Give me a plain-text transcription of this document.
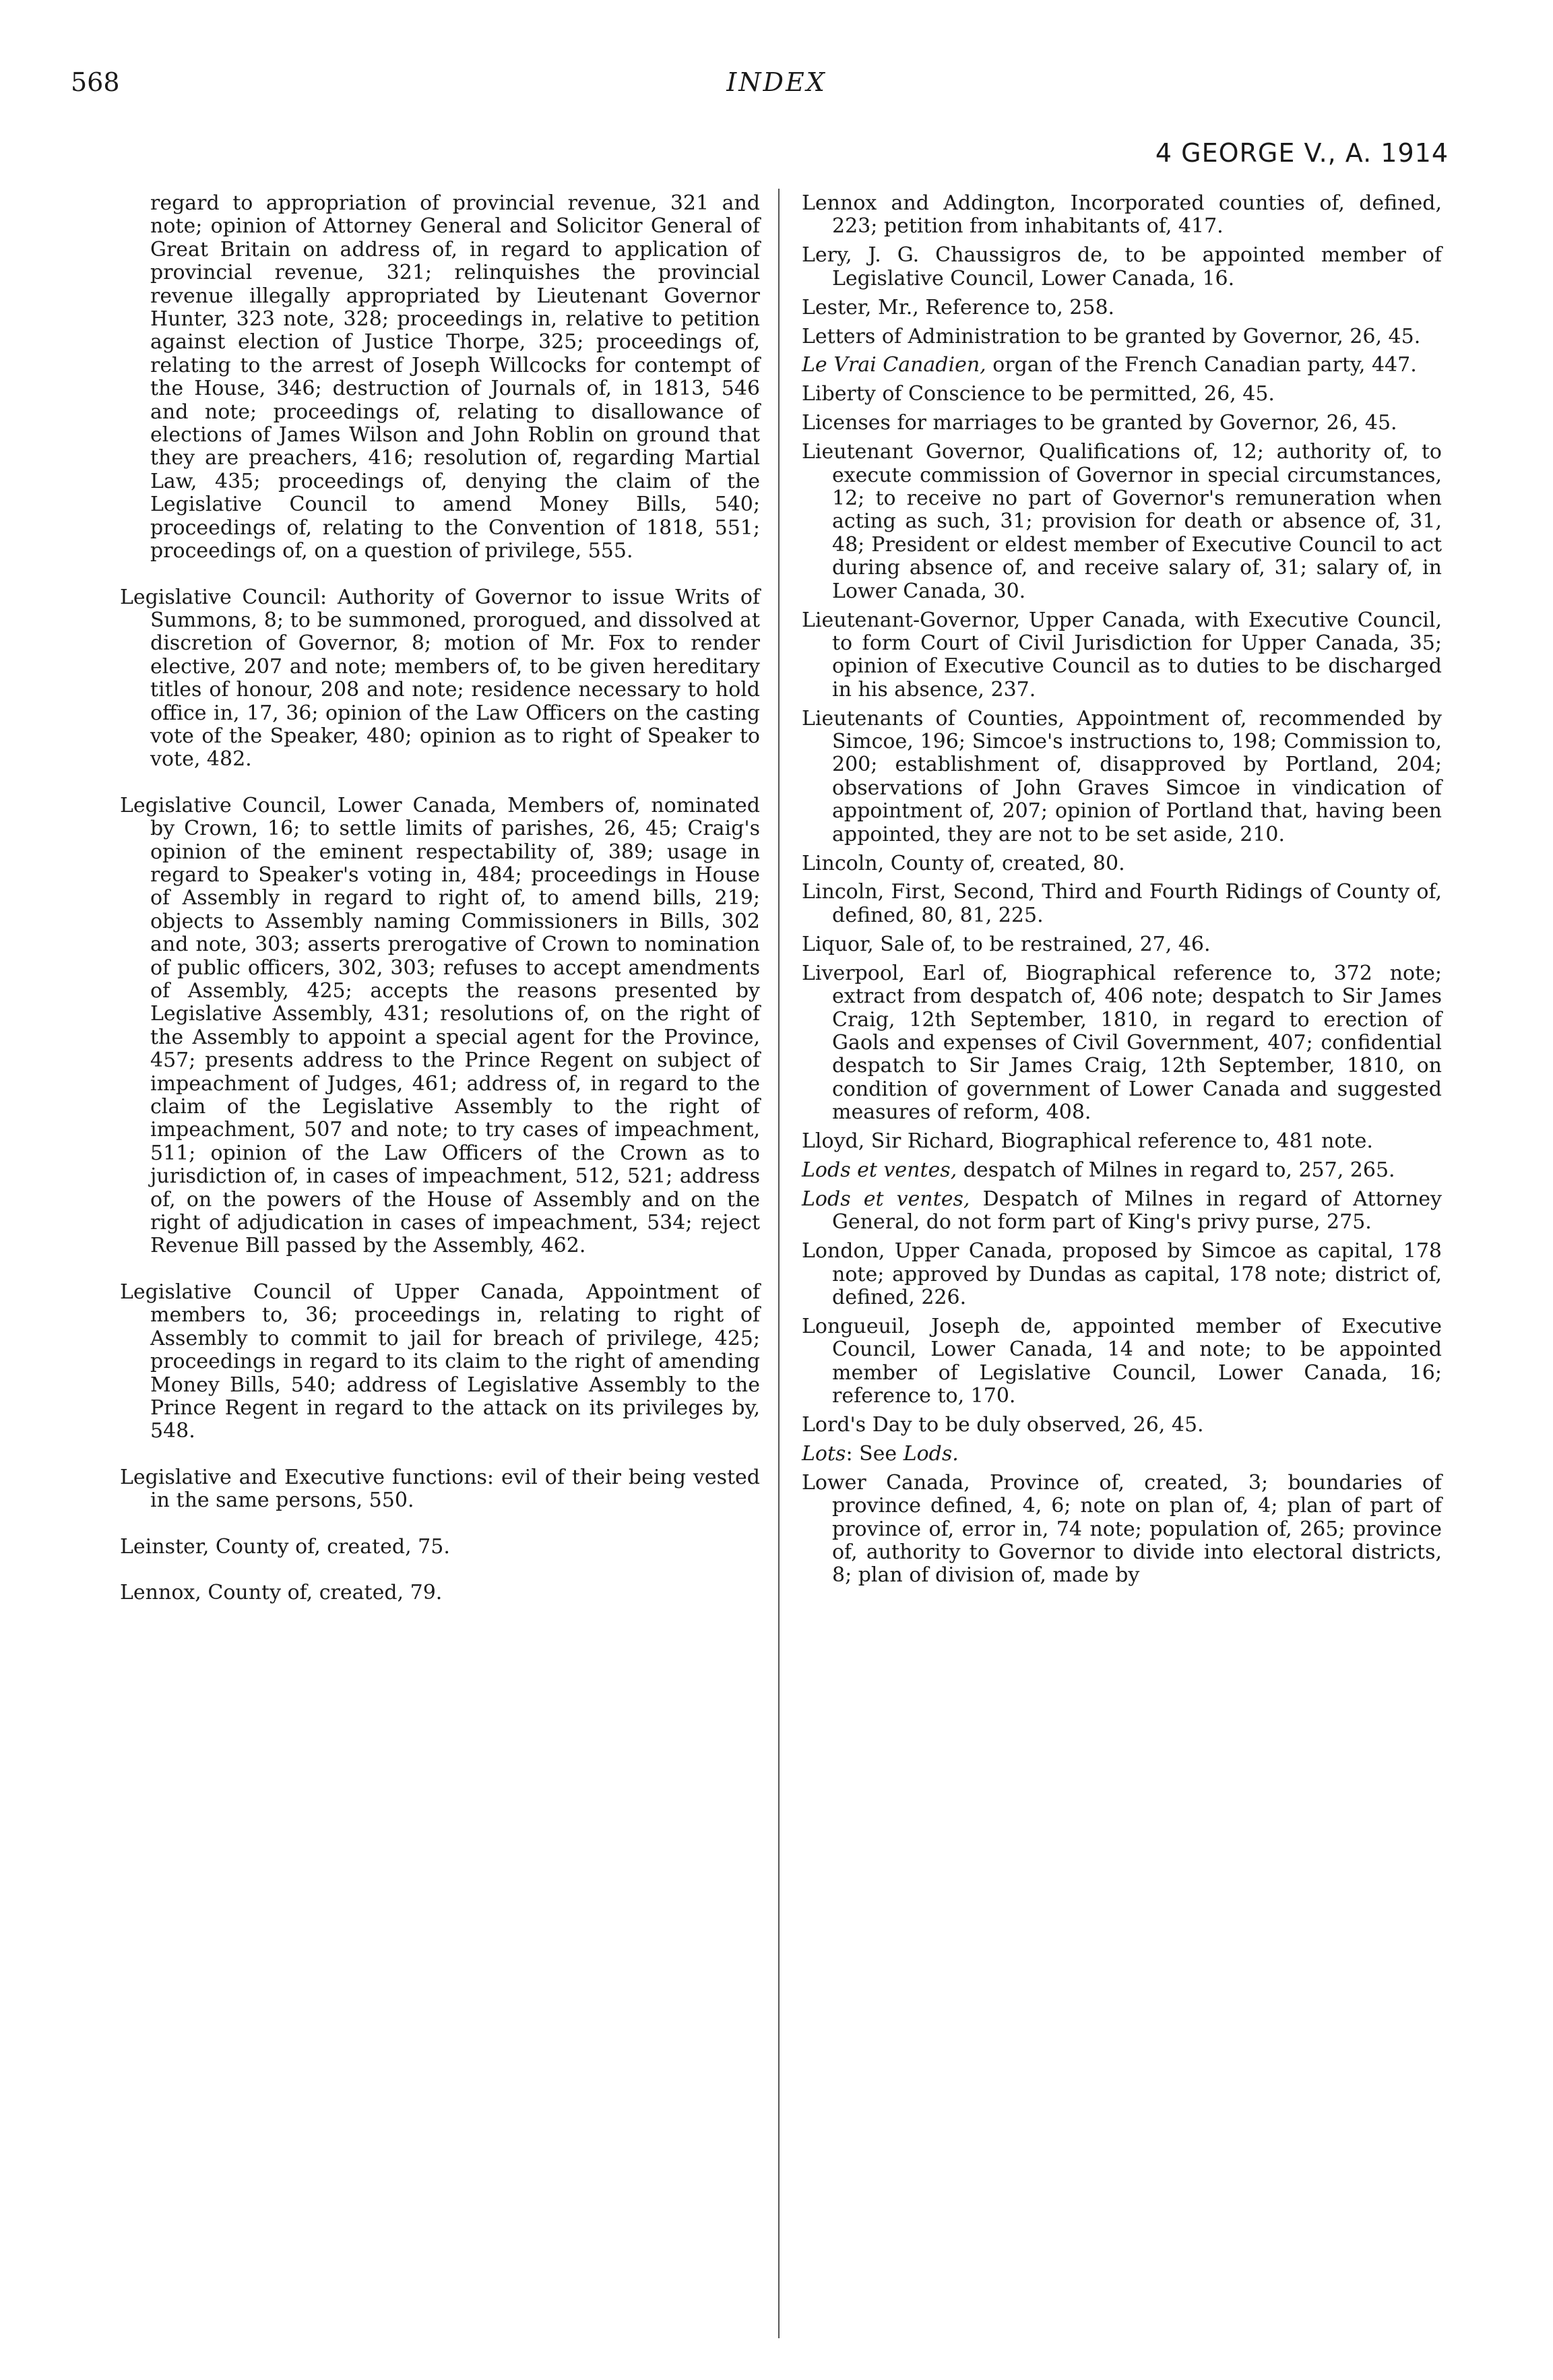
568	INDEX
4 GEORGE V., A. 1914

regard to appropriation of provincial revenue, 321 and note; opinion of Attorney General and Solicitor General of Great Britain on address of, in regard to application of provincial revenue, 321; relinquishes the provincial revenue illegally appropriated by Lieutenant Governor Hunter, 323 note, 328; proceedings in, relative to petition against election of Justice Thorpe, 325; proceedings of, relating to the arrest of Joseph Willcocks for contempt of the House, 346; destruction of Journals of, in 1813, 546 and note; proceedings of, relating to disallowance of elections of James Wilson and John Roblin on ground that they are preachers, 416; resolution of, regarding Martial Law, 435; proceedings of, denying the claim of the Legislative Council to amend Money Bills, 540; proceedings of, relating to the Convention of 1818, 551; proceedings of, on a question of privilege, 555.

Legislative Council: Authority of Governor to issue Writs of Summons, 8; to be summoned, prorogued, and dissolved at discretion of Governor, 8; motion of Mr. Fox to render elective, 207 and note; members of, to be given hereditary titles of honour, 208 and note; residence necessary to hold office in, 17, 36; opinion of the Law Officers on the casting vote of the Speaker, 480; opinion as to right of Speaker to vote, 482.

Legislative Council, Lower Canada, Members of, nominated by Crown, 16; to settle limits of parishes, 26, 45; Craig's opinion of the eminent respectability of, 389; usage in regard to Speaker's voting in, 484; proceedings in House of Assembly in regard to right of, to amend bills, 219; objects to Assembly naming Commissioners in Bills, 302 and note, 303; asserts prerogative of Crown to nomination of public officers, 302, 303; refuses to accept amendments of Assembly, 425; accepts the reasons presented by Legislative Assembly, 431; resolutions of, on the right of the Assembly to appoint a special agent for the Province, 457; presents address to the Prince Regent on subject of impeachment of Judges, 461; address of, in regard to the claim of the Legislative Assembly to the right of impeachment, 507 and note; to try cases of impeachment, 511; opinion of the Law Officers of the Crown as to jurisdiction of, in cases of impeachment, 512, 521; address of, on the powers of the House of Assembly and on the right of adjudication in cases of impeachment, 534; reject Revenue Bill passed by the Assembly, 462.

Legislative Council of Upper Canada, Appointment of members to, 36; proceedings in, relating to right of Assembly to commit to jail for breach of privilege, 425; proceedings in regard to its claim to the right of amending Money Bills, 540; address of Legislative Assembly to the Prince Regent in regard to the attack on its privileges by, 548.

Legislative and Executive functions: evil of their being vested in the same persons, 550.

Leinster, County of, created, 75.

Lennox, County of, created, 79.

Lennox and Addington, Incorporated counties of, defined, 223; petition from inhabitants of, 417.

Lery, J. G. Chaussigros de, to be appointed member of Legislative Council, Lower Canada, 16.

Lester, Mr., Reference to, 258.

Letters of Administration to be granted by Governor, 26, 45.

Le Vrai Canadien, organ of the French Canadian party, 447.

Liberty of Conscience to be permitted, 26, 45.

Licenses for marriages to be granted by Governor, 26, 45.

Lieutenant Governor, Qualifications of, 12; authority of, to execute commission of Governor in special circumstances, 12; to receive no part of Governor's remuneration when acting as such, 31; provision for death or absence of, 31, 48; President or eldest member of Executive Council to act during absence of, and receive salary of, 31; salary of, in Lower Canada, 30.

Lieutenant-Governor, Upper Canada, with Executive Council, to form Court of Civil Jurisdiction for Upper Canada, 35; opinion of Executive Council as to duties to be discharged in his absence, 237.

Lieutenants of Counties, Appointment of, recommended by Simcoe, 196; Simcoe's instructions to, 198; Commission to, 200; establishment of, disapproved by Portland, 204; observations of John Graves Simcoe in vindication of appointment of, 207; opinion of Portland that, having been appointed, they are not to be set aside, 210.

Lincoln, County of, created, 80.

Lincoln, First, Second, Third and Fourth Ridings of County of, defined, 80, 81, 225.

Liquor, Sale of, to be restrained, 27, 46.

Liverpool, Earl of, Biographical reference to, 372 note; extract from despatch of, 406 note; despatch to Sir James Craig, 12th September, 1810, in regard to erection of Gaols and expenses of Civil Government, 407; confidential despatch to Sir James Craig, 12th September, 1810, on condition of government of Lower Canada and suggested measures of reform, 408.

Lloyd, Sir Richard, Biographical reference to, 481 note.

Lods et ventes, despatch of Milnes in regard to, 257, 265.

Lods et ventes, Despatch of Milnes in regard of Attorney General, do not form part of King's privy purse, 275.

London, Upper Canada, proposed by Simcoe as capital, 178 note; approved by Dundas as capital, 178 note; district of, defined, 226.

Longueuil, Joseph de, appointed member of Executive Council, Lower Canada, 14 and note; to be appointed member of Legislative Council, Lower Canada, 16; reference to, 170.

Lord's Day to be duly observed, 26, 45.

Lots: See Lods.

Lower Canada, Province of, created, 3; boundaries of province defined, 4, 6; note on plan of, 4; plan of part of province of, error in, 74 note; population of, 265; province of, authority to Governor to divide into electoral districts, 8; plan of division of, made by
